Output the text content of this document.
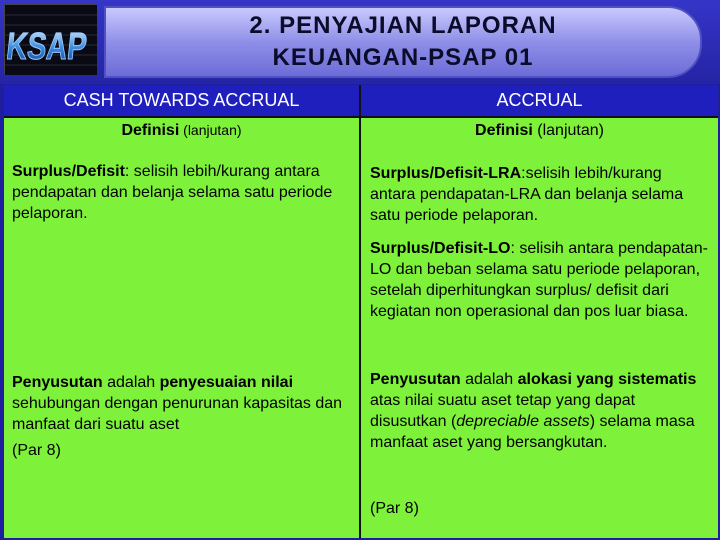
KSAP
2. PENYAJIAN LAPORAN
KEUANGAN-PSAP 01
CASH TOWARDS ACCRUAL	ACCRUAL
Definisi (lanjutan)
Surplus/Defisit: selisih lebih/kurang antara pendapatan dan belanja selama satu periode pelaporan.
Penyusutan adalah penyesuaian nilai sehubungan dengan penurunan kapasitas dan manfaat dari suatu aset
(Par 8)
Definisi (lanjutan)
Surplus/Defisit-LRA:selisih lebih/kurang antara pendapatan-LRA dan belanja selama satu periode pelaporan.
Surplus/Defisit-LO: selisih antara pendapatan-LO dan beban selama satu periode pelaporan, setelah diperhitungkan surplus/ defisit dari kegiatan non operasional dan pos luar biasa.
Penyusutan adalah alokasi yang sistematis atas nilai suatu aset tetap yang dapat disusutkan (depreciable assets) selama masa manfaat aset yang bersangkutan.
(Par 8)
